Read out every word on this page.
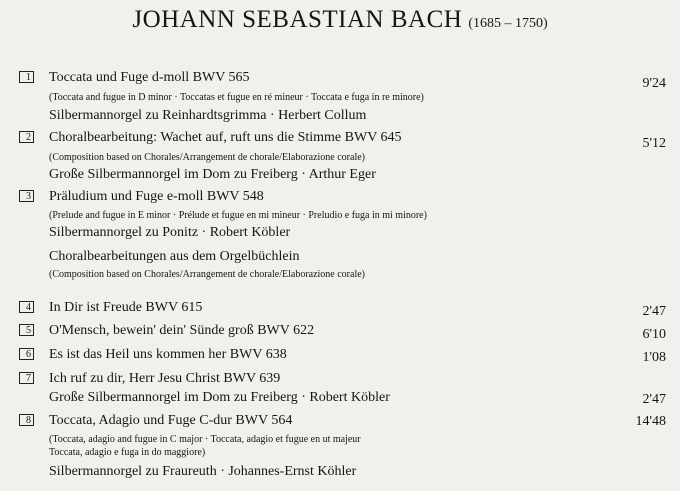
JOHANN SEBASTIAN BACH (1685 – 1750)
1 Toccata und Fuge d-moll BWV 565	9'24
(Toccata and fugue in D minor · Toccatas et fugue en ré mineur · Toccata e fuga in re minore)
Silbermannorgel zu Reinhardtsgrimma · Herbert Collum
2 Choralbearbeitung: Wachet auf, ruft uns die Stimme BWV 645	5'12
(Composition based on Chorales/Arrangement de chorale/Elaborazione corale)
Große Silbermannorgel im Dom zu Freiberg · Arthur Eger
3 Präludium und Fuge e-moll BWV 548
(Prelude and fugue in E minor · Prélude et fugue en mi mineur · Preludio e fuga in mi minore)
Silbermannorgel zu Ponitz · Robert Köbler
Choralbearbeitungen aus dem Orgelbüchlein
(Composition based on Chorales/Arrangement de chorale/Elaborazione corale)
4 In Dir ist Freude BWV 615	2'47
5 O'Mensch, bewein' dein' Sünde groß BWV 622	6'10
6 Es ist das Heil uns kommen her BWV 638	1'08
7 Ich ruf zu dir, Herr Jesu Christ BWV 639
Große Silbermannorgel im Dom zu Freiberg · Robert Köbler	2'47
8 Toccata, Adagio und Fuge C-dur BWV 564	14'48
(Toccata, adagio and fugue in C major · Toccata, adagio et fugue en ut majeur
Toccata, adagio e fuga in do maggiore)
Silbermannorgel zu Fraureuth · Johannes-Ernst Köhler
